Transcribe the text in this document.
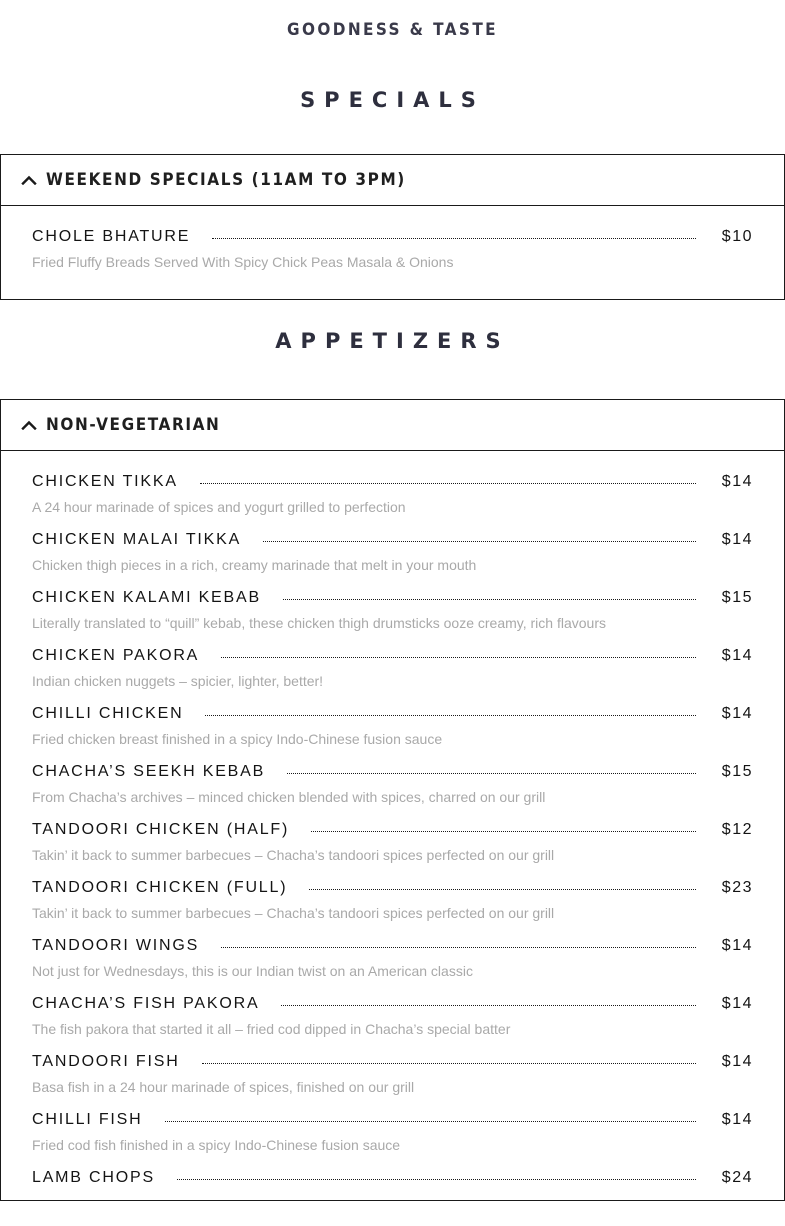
GOODNESS & TASTE
SPECIALS
WEEKEND SPECIALS (11AM TO 3PM)
CHOLE BHATURE	$10
Fried Fluffy Breads Served With Spicy Chick Peas Masala & Onions
APPETIZERS
NON-VEGETARIAN
CHICKEN TIKKA	$14
A 24 hour marinade of spices and yogurt grilled to perfection
CHICKEN MALAI TIKKA	$14
Chicken thigh pieces in a rich, creamy marinade that melt in your mouth
CHICKEN KALAMI KEBAB	$15
Literally translated to “quill” kebab, these chicken thigh drumsticks ooze creamy, rich flavours
CHICKEN PAKORA	$14
Indian chicken nuggets – spicier, lighter, better!
CHILLI CHICKEN	$14
Fried chicken breast finished in a spicy Indo-Chinese fusion sauce
CHACHA’S SEEKH KEBAB	$15
From Chacha’s archives – minced chicken blended with spices, charred on our grill
TANDOORI CHICKEN (HALF)	$12
Takin’ it back to summer barbecues – Chacha’s tandoori spices perfected on our grill
TANDOORI CHICKEN (FULL)	$23
Takin’ it back to summer barbecues – Chacha’s tandoori spices perfected on our grill
TANDOORI WINGS	$14
Not just for Wednesdays, this is our Indian twist on an American classic
CHACHA’S FISH PAKORA	$14
The fish pakora that started it all – fried cod dipped in Chacha’s special batter
TANDOORI FISH	$14
Basa fish in a 24 hour marinade of spices, finished on our grill
CHILLI FISH	$14
Fried cod fish finished in a spicy Indo-Chinese fusion sauce
LAMB CHOPS	$24
